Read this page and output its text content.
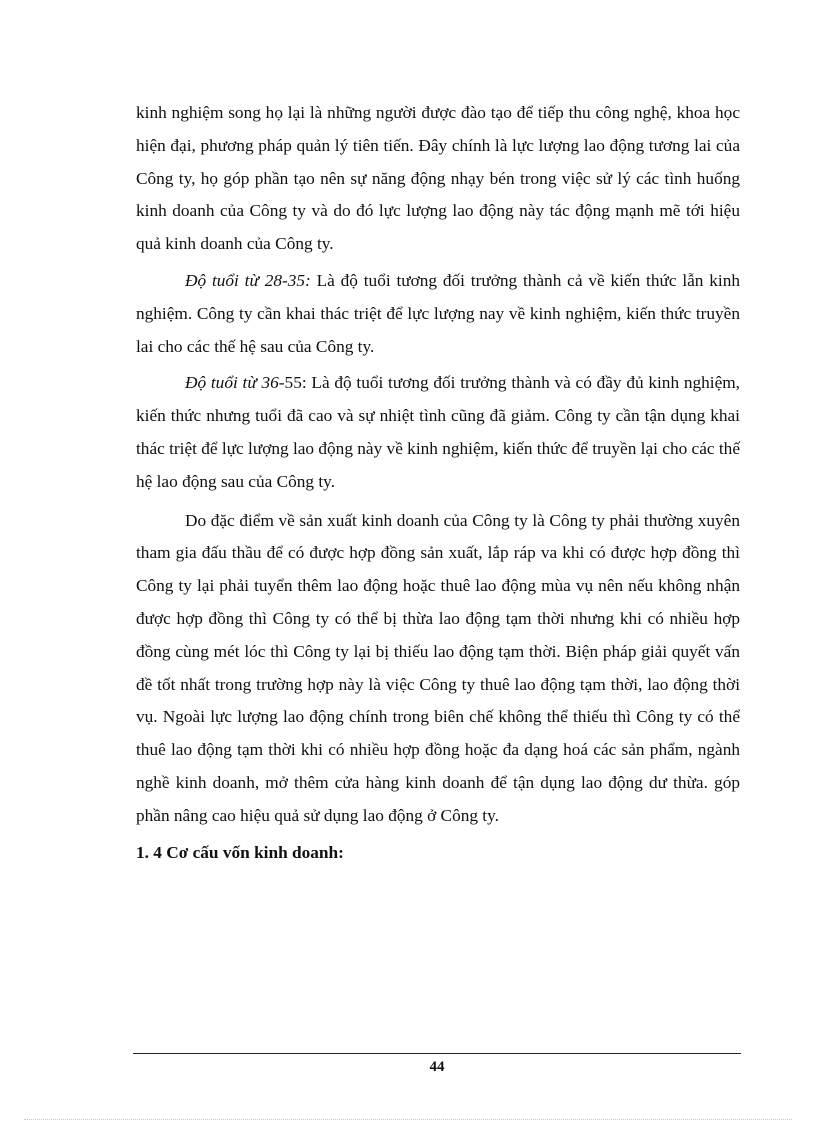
kinh nghiệm song họ lại là những người được đào tạo để tiếp thu công nghệ, khoa học hiện đại, phương pháp quản lý tiên tiến. Đây chính là lực lượng lao động tương lai của Công ty, họ góp phần tạo nên sự năng động nhạy bén trong việc sử lý các tình huống kinh doanh của Công ty và do đó lực lượng lao động này tác động mạnh mẽ tới hiệu quả kinh doanh của Công ty.

Độ tuổi từ 28-35: Là độ tuổi tương đối trưởng thành cả về kiến thức lẫn kinh nghiệm. Công ty cần khai thác triệt để lực lượng nay về kinh nghiệm, kiến thức truyền lai cho các thế hệ sau của Công ty.

Độ tuổi từ 36-55: Là độ tuổi tương đối trưởng thành và có đầy đủ kinh nghiệm, kiến thức nhưng tuổi đã cao và sự nhiệt tình cũng đã giảm. Công ty cần tận dụng khai thác triệt để lực lượng lao động này về kinh nghiệm, kiến thức để truyền lại cho các thế hệ lao động sau của Công ty.

Do đặc điểm về sản xuất kinh doanh của Công ty là Công ty phải thường xuyên tham gia đấu thầu để có được hợp đồng sản xuất, lắp ráp va khi có được hợp đồng thì Công ty lại phải tuyển thêm lao động hoặc thuê lao động mùa vụ nên nếu không nhận được hợp đồng thì Công ty có thể bị thừa lao động tạm thời nhưng khi có nhiều hợp đồng cùng mét lóc thì Công ty lại bị thiếu lao động tạm thời. Biện pháp giải quyết vấn đề tốt nhất trong trường hợp này là việc Công ty thuê lao động tạm thời, lao động thời vụ. Ngoài lực lượng lao động chính trong biên chế không thể thiếu thì Công ty có thể thuê lao động tạm thời khi có nhiều hợp đồng hoặc đa dạng hoá các sản phẩm, ngành nghề kinh doanh, mở thêm cửa hàng kinh doanh để tận dụng lao động dư thừa. góp phần nâng cao hiệu quả sử dụng lao động ở Công ty.

1. 4 Cơ cấu vốn kinh doanh:

44
